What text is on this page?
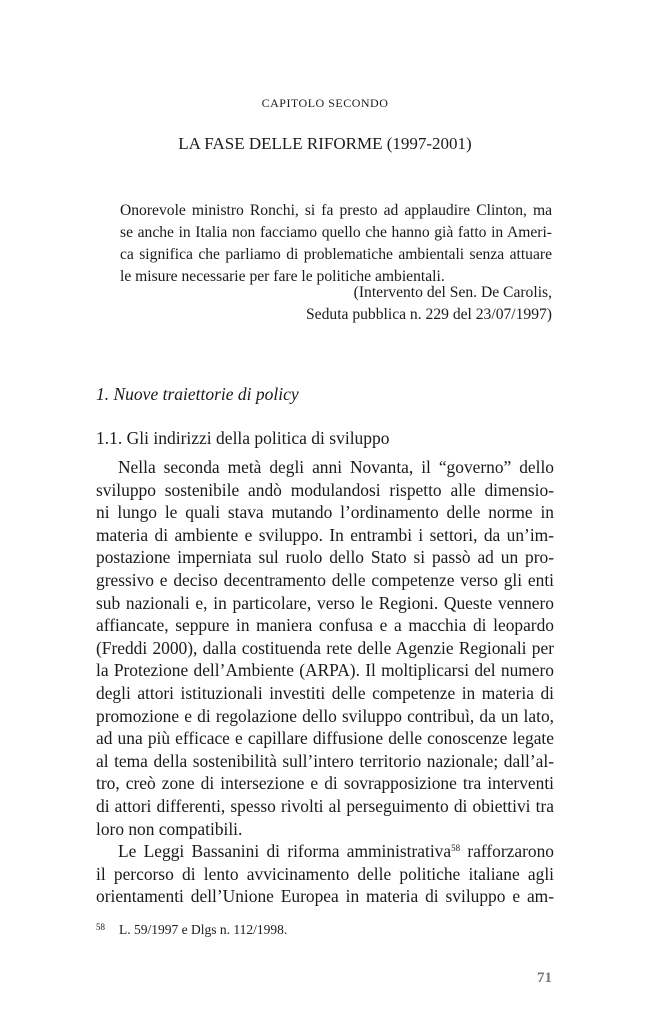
CAPITOLO SECONDO
LA FASE DELLE RIFORME (1997-2001)
Onorevole ministro Ronchi, si fa presto ad applaudire Clinton, ma
se anche in Italia non facciamo quello che hanno già fatto in Ameri-
ca significa che parliamo di problematiche ambientali senza attuare
le misure necessarie per fare le politiche ambientali.
(Intervento del Sen. De Carolis,
Seduta pubblica n. 229 del 23/07/1997)
1. Nuove traiettorie di policy
1.1. Gli indirizzi della politica di sviluppo
Nella seconda metà degli anni Novanta, il “governo” dello
sviluppo sostenibile andò modulandosi rispetto alle dimensio-
ni lungo le quali stava mutando l’ordinamento delle norme in
materia di ambiente e sviluppo. In entrambi i settori, da un’im-
postazione imperniata sul ruolo dello Stato si passò ad un pro-
gressivo e deciso decentramento delle competenze verso gli enti
sub nazionali e, in particolare, verso le Regioni. Queste vennero
affiancate, seppure in maniera confusa e a macchia di leopardo
(Freddi 2000), dalla costituenda rete delle Agenzie Regionali per
la Protezione dell’Ambiente (ARPA). Il moltiplicarsi del numero
degli attori istituzionali investiti delle competenze in materia di
promozione e di regolazione dello sviluppo contribuì, da un lato,
ad una più efficace e capillare diffusione delle conoscenze legate
al tema della sostenibilità sull’intero territorio nazionale; dall’al-
tro, creò zone di intersezione e di sovrapposizione tra interventi
di attori differenti, spesso rivolti al perseguimento di obiettivi tra
loro non compatibili.
Le Leggi Bassanini di riforma amministrativa$^{58}$ rafforzarono
il percorso di lento avvicinamento delle politiche italiane agli
orientamenti dell’Unione Europea in materia di sviluppo e am-
$^{58}$ L. 59/1997 e Dlgs n. 112/1998.
71
